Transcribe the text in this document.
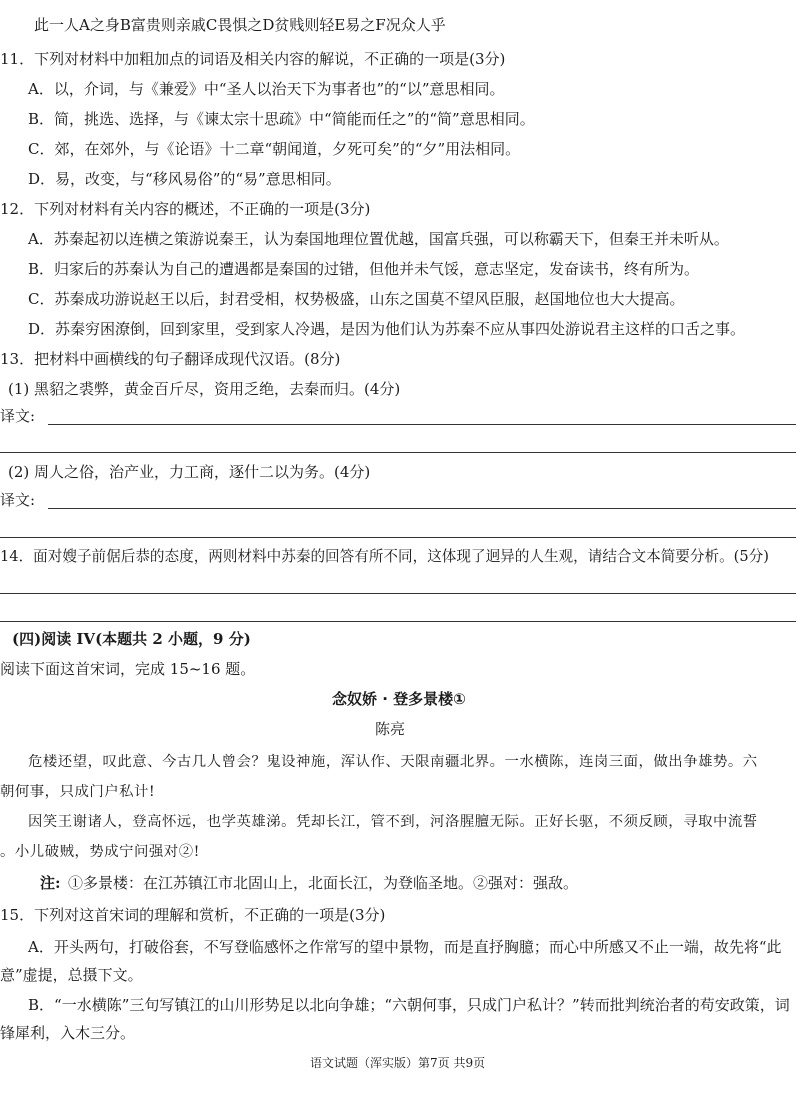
此一人A之身B富贵则亲戚C畏惧之D贫贱则轻E易之F况众人乎
11．下列对材料中加粗加点的词语及相关内容的解说，不正确的一项是(3分)
A．以，介词，与《兼爱》中“圣人以治天下为事者也”的“以”意思相同。
B．简，挑选、选择，与《谏太宗十思疏》中“简能而任之”的“简”意思相同。
C．郊，在郊外，与《论语》十二章“朝闻道，夕死可矣”的“夕”用法相同。
D．易，改变，与“移风易俗”的“易”意思相同。
12．下列对材料有关内容的概述，不正确的一项是(3分)
A．苏秦起初以连横之策游说秦王，认为秦国地理位置优越，国富兵强，可以称霸天下，但秦王并未听从。
B．归家后的苏秦认为自己的遭遇都是秦国的过错，但他并未气馁，意志坚定，发奋读书，终有所为。
C．苏秦成功游说赵王以后，封君受相，权势极盛，山东之国莫不望风臣服，赵国地位也大大提高。
D．苏秦穷困潦倒，回到家里，受到家人冷遇，是因为他们认为苏秦不应从事四处游说君主这样的口舌之事。
13．把材料中画横线的句子翻译成现代汉语。(8分)
(1) 黑貂之裘弊，黄金百斤尽，资用乏绝，去秦而归。(4分)
译文:
(2) 周人之俗，治产业，力工商，逐什二以为务。(4分)
译文:
14．面对嫂子前倨后恭的态度，两则材料中苏秦的回答有所不同，这体现了迥异的人生观，请结合文本简要分析。(5分)
(四)阅读 IV(本题共 2 小题，9 分)
阅读下面这首宋词，完成 15~16 题。
念奴娇 · 登多景楼①
陈亮
危楼还望，叹此意、今古几人曾会？鬼设神施，浑认作、天限南疆北界。一水横陈，连岗三面，做出争雄势。六
朝何事，只成门户私计!
因笑王谢诸人，登高怀远，也学英雄涕。凭却长江，管不到，河洛腥膻无际。正好长驱，不须反顾，寻取中流誓
。小儿破贼，势成宁问强对②!
注: ①多景楼：在江苏镇江市北固山上，北面长江，为登临圣地。②强对：强敌。
15．下列对这首宋词的理解和赏析，不正确的一项是(3分)
A．开头两句，打破俗套，不写登临感怀之作常写的望中景物，而是直抒胸臆；而心中所感又不止一端，故先将“此
意”虚提，总摄下文。
B．“一水横陈”三句写镇江的山川形势足以北向争雄；“六朝何事，只成门户私计？”转而批判统治者的苟安政策，词
锋犀利，入木三分。
语文试题（浑实版）第7页 共9页
